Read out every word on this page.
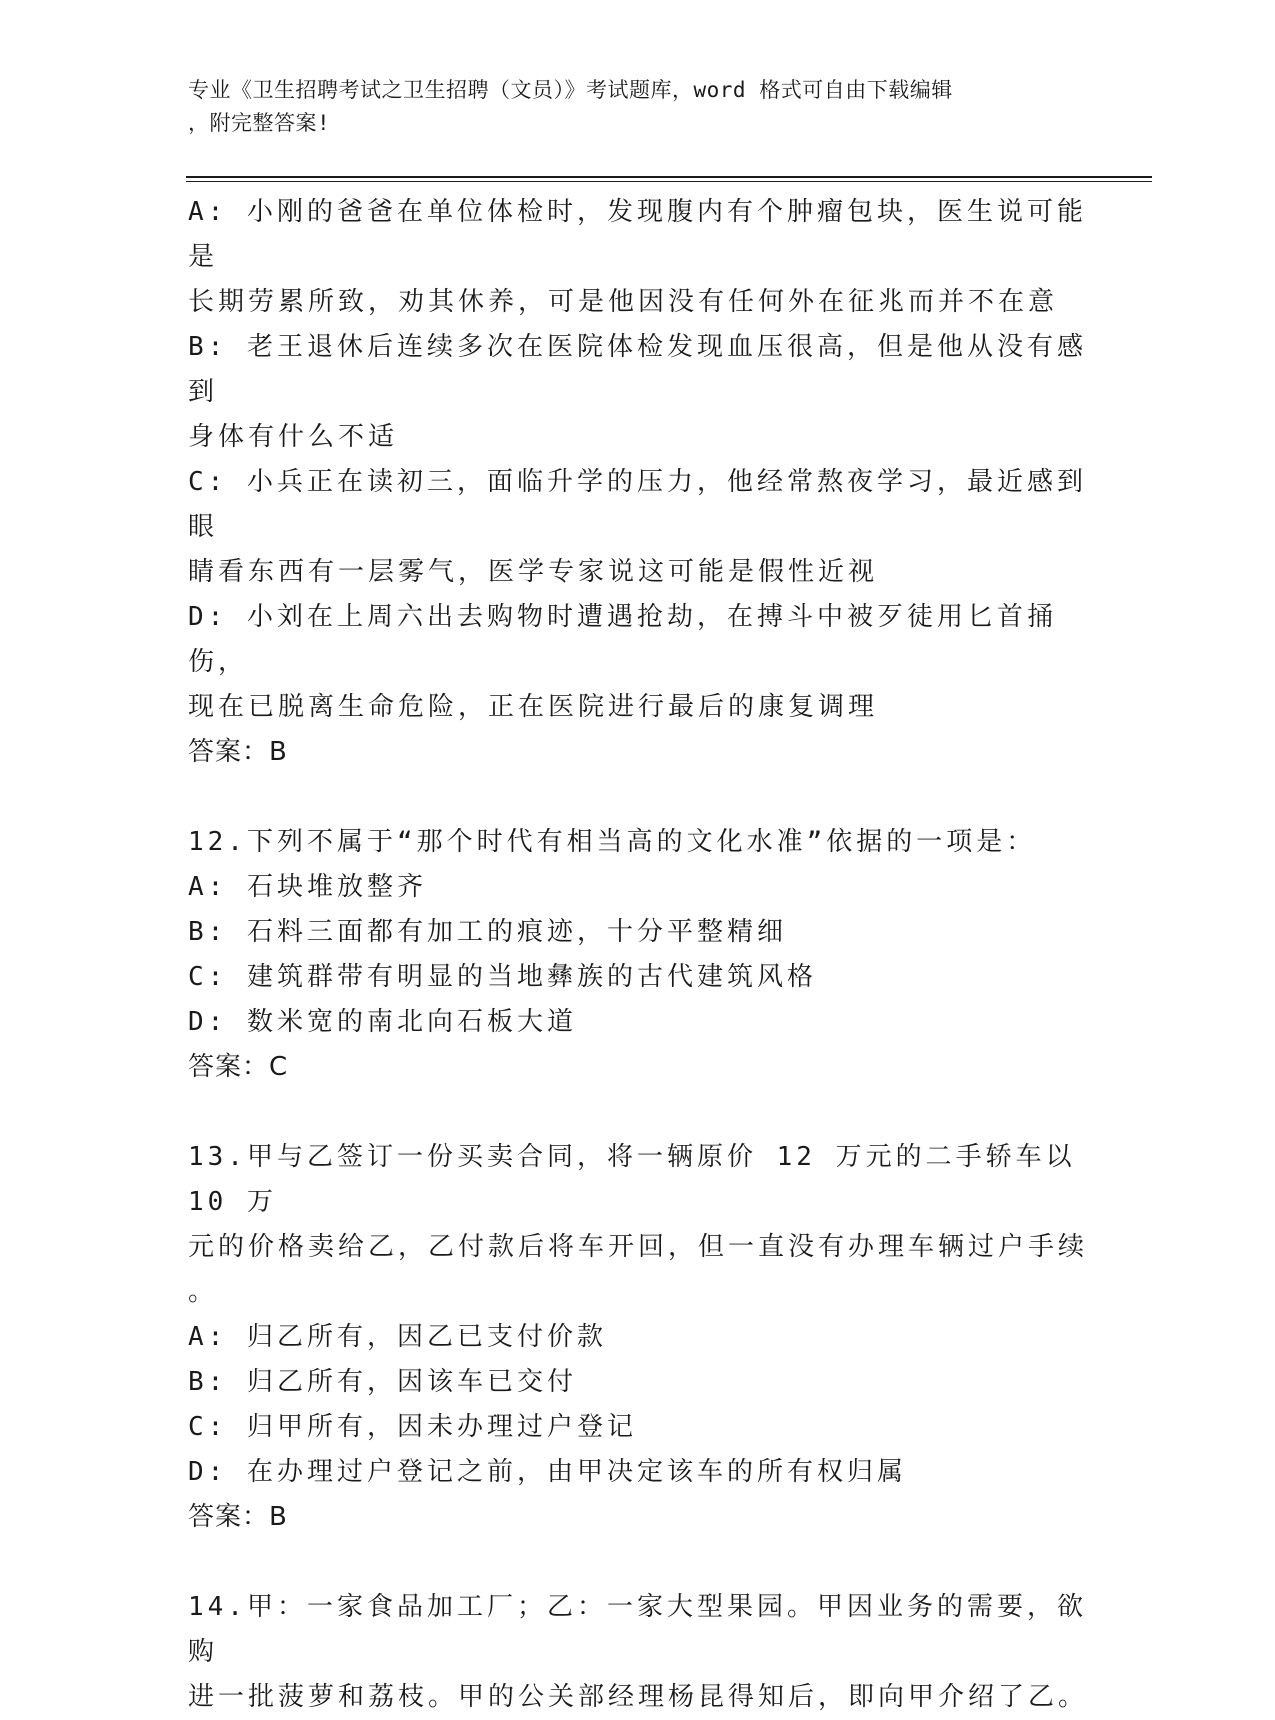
专业《卫生招聘考试之卫生招聘（文员）》考试题库，word 格式可自由下载编辑
，附完整答案!
A: 小刚的爸爸在单位体检时，发现腹内有个肿瘤包块，医生说可能是
长期劳累所致，劝其休养，可是他因没有任何外在征兆而并不在意
B: 老王退休后连续多次在医院体检发现血压很高，但是他从没有感到
身体有什么不适
C: 小兵正在读初三，面临升学的压力，他经常熬夜学习，最近感到眼
睛看东西有一层雾气，医学专家说这可能是假性近视
D: 小刘在上周六出去购物时遭遇抢劫，在搏斗中被歹徒用匕首捅伤，
现在已脱离生命危险，正在医院进行最后的康复调理
答案：B
12.下列不属于“那个时代有相当高的文化水准”依据的一项是：
A: 石块堆放整齐
B: 石料三面都有加工的痕迹，十分平整精细
C: 建筑群带有明显的当地彝族的古代建筑风格
D: 数米宽的南北向石板大道
答案：C
13.甲与乙签订一份买卖合同，将一辆原价 12 万元的二手轿车以 10 万
元的价格卖给乙，乙付款后将车开回，但一直没有办理车辆过户手续
。
A: 归乙所有，因乙已支付价款
B: 归乙所有，因该车已交付
C: 归甲所有，因未办理过户登记
D: 在办理过户登记之前，由甲决定该车的所有权归属
答案：B
14.甲：一家食品加工厂；乙：一家大型果园。甲因业务的需要，欲购
进一批菠萝和荔枝。甲的公关部经理杨昆得知后，即向甲介绍了乙。
